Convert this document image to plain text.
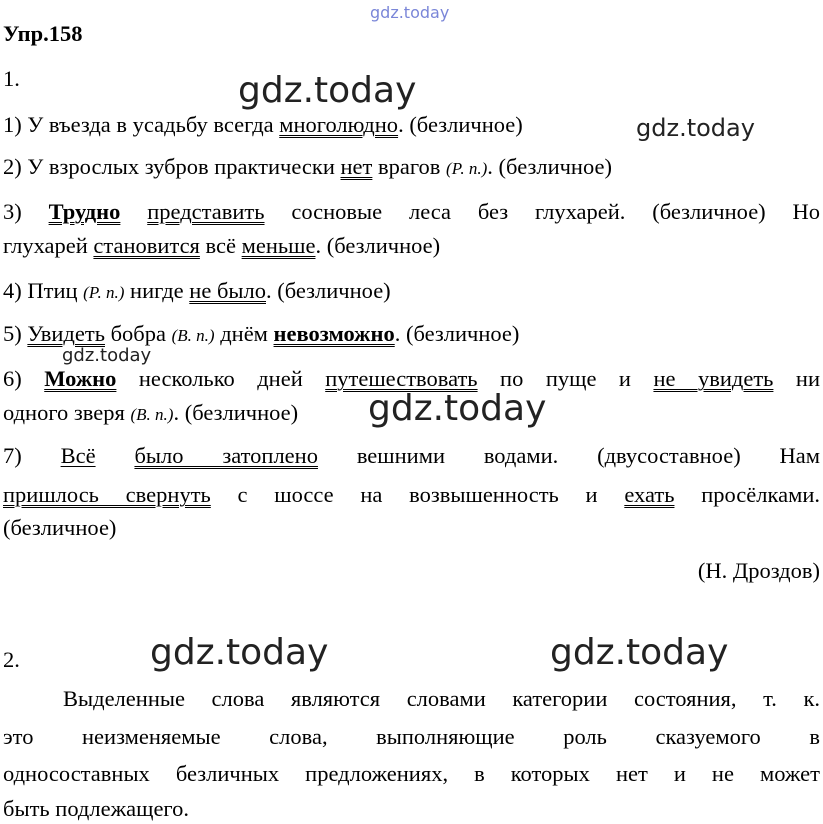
gdz.today
gdz.today
gdz.today
gdz.today
gdz.today
gdz.today	gdz.today
Упр.158
1.
1) У въезда в усадьбу всегда многолюдно. (безличное)
2) У взрослых зубров практически нет врагов (Р. п.). (безличное)
3) Трудно представить сосновые леса без глухарей. (безличное) Но
глухарей становится всё меньше. (безличное)
4) Птиц (Р. п.) нигде не было. (безличное)
5) Увидеть бобра (В. п.) днём невозможно. (безличное)
6) Можно несколько дней путешествовать по пуще и не увидеть ни
одного зверя (В. п.). (безличное)
7) Всё было затоплено вешними водами. (двусоставное) Нам
пришлось свернуть с шоссе на возвышенность и ехать просёлками.
(безличное)
(Н. Дроздов)
2.
Выделенные слова являются словами категории состояния, т. к.
это неизменяемые слова, выполняющие роль сказуемого в
односоставных безличных предложениях, в которых нет и не может
быть подлежащего.
